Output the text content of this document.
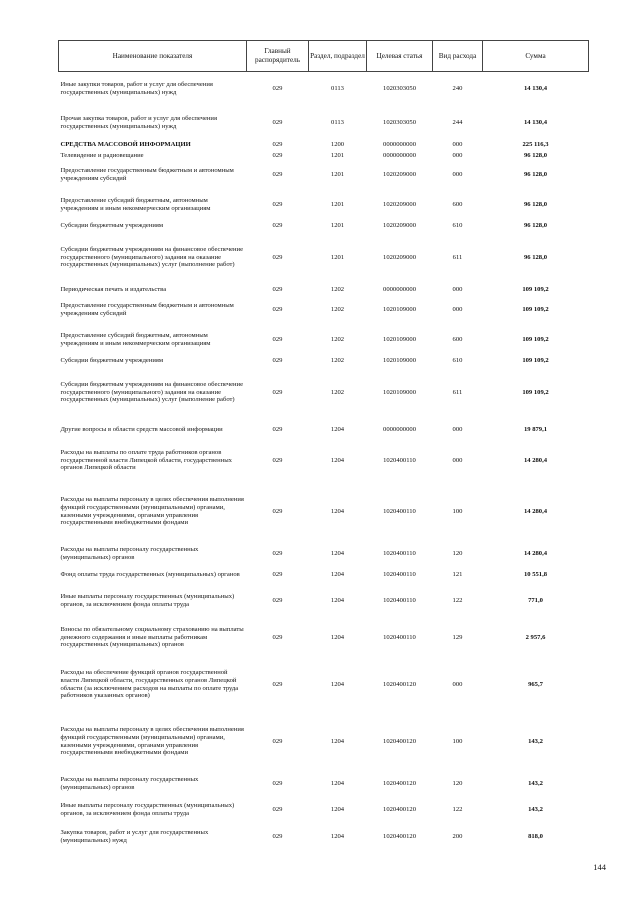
Наименование показателя	Главный распорядитель	Раздел, подраздел	Целевая статья	Вид расхода	Сумма
Иные закупки товаров, работ и услуг для обеспечения государственных (муниципальных) нужд	029	0113	1020303050	240	14 130,4
Прочая закупка товаров, работ и услуг для обеспечения государственных (муниципальных) нужд	029	0113	1020303050	244	14 130,4
СРЕДСТВА МАССОВОЙ ИНФОРМАЦИИ	029	1200	0000000000	000	225 116,3
Телевидение и радиовещание	029	1201	0000000000	000	96 128,0
Предоставление государственным бюджетным и автономным учреждениям субсидий	029	1201	1020209000	000	96 128,0
Предоставление субсидий бюджетным, автономным учреждениям и иным некоммерческим организациям	029	1201	1020209000	600	96 128,0
Субсидии бюджетным учреждениям	029	1201	1020209000	610	96 128,0
Субсидии бюджетным учреждениям на финансовое обеспечение государственного (муниципального) задания на оказание государственных (муниципальных) услуг (выполнение работ)	029	1201	1020209000	611	96 128,0
Периодическая печать и издательства	029	1202	0000000000	000	109 109,2
Предоставление государственным бюджетным и автономным учреждениям субсидий	029	1202	1020109000	000	109 109,2
Предоставление субсидий бюджетным, автономным учреждениям и иным некоммерческим организациям	029	1202	1020109000	600	109 109,2
Субсидии бюджетным учреждениям	029	1202	1020109000	610	109 109,2
Субсидии бюджетным учреждениям на финансовое обеспечение государственного (муниципального) задания на оказание государственных (муниципальных) услуг (выполнение работ)	029	1202	1020109000	611	109 109,2
Другие вопросы в области средств массовой информации	029	1204	0000000000	000	19 879,1
Расходы на выплаты по оплате труда работников органов государственной власти Липецкой области, государственных органов Липецкой области	029	1204	1020400110	000	14 280,4
Расходы на выплаты персоналу в целях обеспечения выполнения функций государственными (муниципальными) органами, казенными учреждениями, органами управления государственными внебюджетными фондами	029	1204	1020400110	100	14 280,4
Расходы на выплаты персоналу государственных (муниципальных) органов	029	1204	1020400110	120	14 280,4
Фонд оплаты труда государственных (муниципальных) органов	029	1204	1020400110	121	10 551,8
Иные выплаты персоналу государственных (муниципальных) органов, за исключением фонда оплаты труда	029	1204	1020400110	122	771,0
Взносы по обязательному социальному страхованию на выплаты денежного содержания и иные выплаты работникам государственных (муниципальных) органов	029	1204	1020400110	129	2 957,6
Расходы на обеспечение функций органов государственной власти Липецкой области, государственных органов Липецкой области (за исключением расходов на выплаты по оплате труда работников указанных органов)	029	1204	1020400120	000	965,7
Расходы на выплаты персоналу в целях обеспечения выполнения функций государственными (муниципальными) органами, казенными учреждениями, органами управления государственными внебюджетными фондами	029	1204	1020400120	100	143,2
Расходы на выплаты персоналу государственных (муниципальных) органов	029	1204	1020400120	120	143,2
Иные выплаты персоналу государственных (муниципальных) органов, за исключением фонда оплаты труда	029	1204	1020400120	122	143,2
Закупка товаров, работ и услуг для государственных (муниципальных) нужд	029	1204	1020400120	200	818,0
144
